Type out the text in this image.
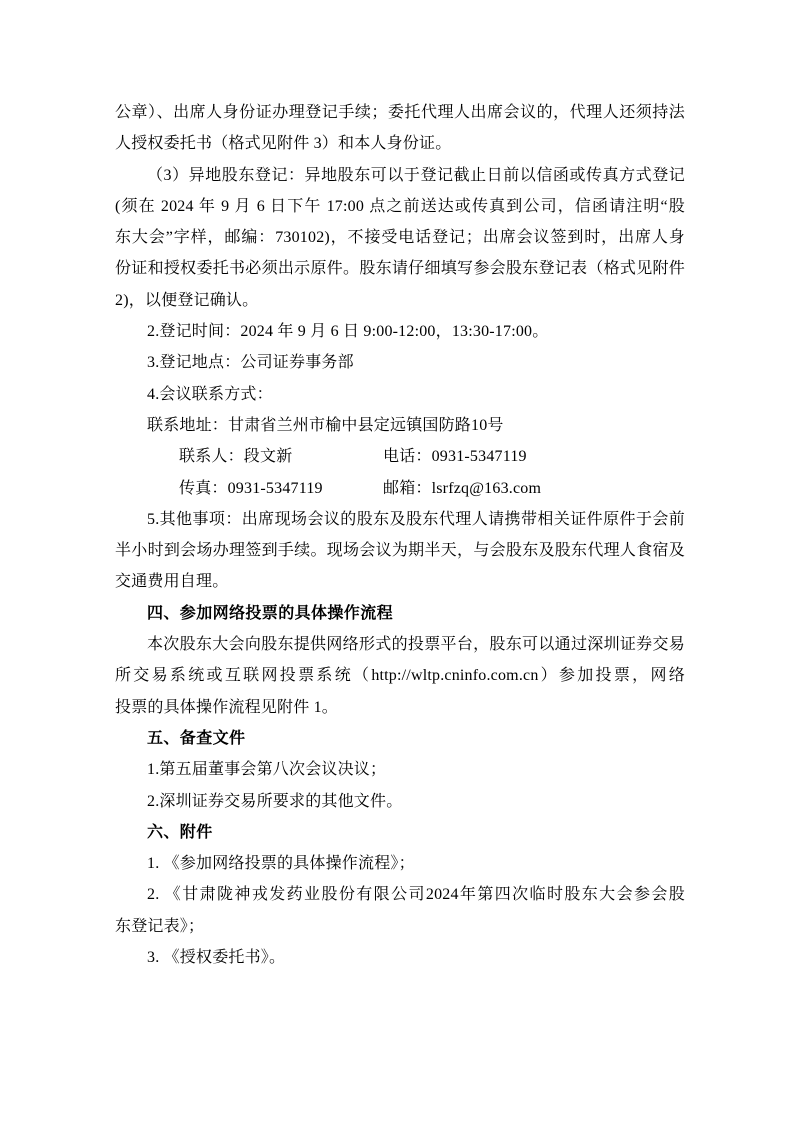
公章）、出席人身份证办理登记手续；委托代理人出席会议的，代理人还须持法
人授权委托书（格式见附件 3）和本人身份证。
（3）异地股东登记：异地股东可以于登记截止日前以信函或传真方式登记
(须在 2024 年 9 月 6 日下午 17:00 点之前送达或传真到公司，信函请注明“股
东大会”字样，邮编：730102)，不接受电话登记；出席会议签到时，出席人身
份证和授权委托书必须出示原件。股东请仔细填写参会股东登记表（格式见附件
2)，以便登记确认。
2.登记时间：2024 年 9 月 6 日 9:00-12:00，13:30-17:00。
3.登记地点：公司证券事务部
4.会议联系方式：
联系地址：甘肃省兰州市榆中县定远镇国防路10号
联系人：段文新	电话：0931-5347119
传真：0931-5347119	邮箱：lsrfzq@163.com
5.其他事项：出席现场会议的股东及股东代理人请携带相关证件原件于会前
半小时到会场办理签到手续。现场会议为期半天，与会股东及股东代理人食宿及
交通费用自理。
四、参加网络投票的具体操作流程
本次股东大会向股东提供网络形式的投票平台，股东可以通过深圳证券交易
所交易系统或互联网投票系统（http://wltp.cninfo.com.cn）参加投票，网络
投票的具体操作流程见附件 1。
五、备查文件
1.第五届董事会第八次会议决议；
2.深圳证券交易所要求的其他文件。
六、附件
1. 《参加网络投票的具体操作流程》；
2. 《甘肃陇神戎发药业股份有限公司2024年第四次临时股东大会参会股
东登记表》；
3. 《授权委托书》。
